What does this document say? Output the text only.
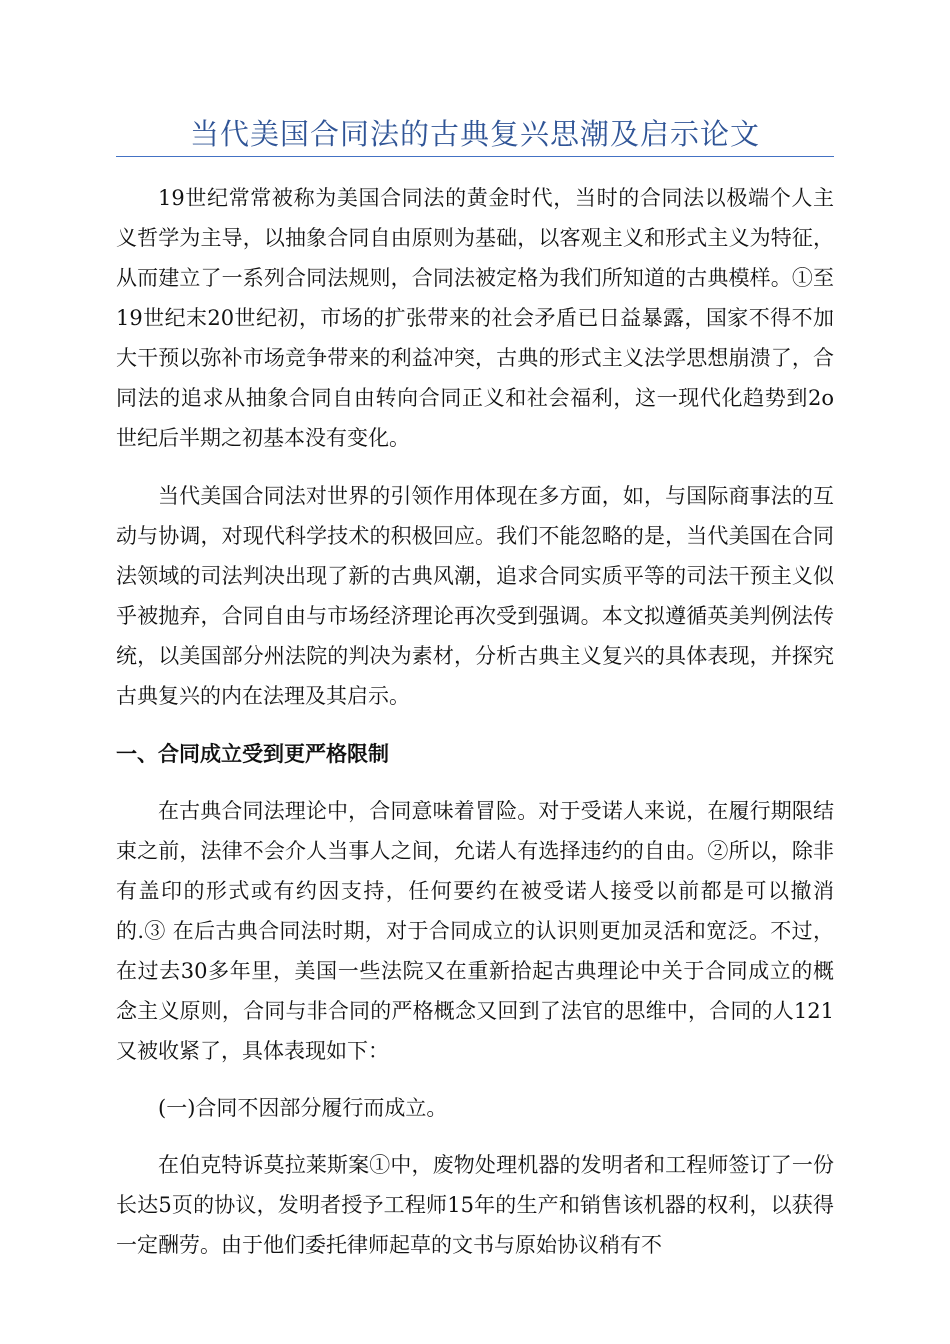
当代美国合同法的古典复兴思潮及启示论文

19世纪常常被称为美国合同法的黄金时代，当时的合同法以极端个人主义哲学为主导，以抽象合同自由原则为基础，以客观主义和形式主义为特征，从而建立了一系列合同法规则，合同法被定格为我们所知道的古典模样。①至19世纪末20世纪初，市场的扩张带来的社会矛盾已日益暴露，国家不得不加大干预以弥补市场竞争带来的利益冲突，古典的形式主义法学思想崩溃了，合同法的追求从抽象合同自由转向合同正义和社会福利，这一现代化趋势到2o世纪后半期之初基本没有变化。

当代美国合同法对世界的引领作用体现在多方面，如，与国际商事法的互动与协调，对现代科学技术的积极回应。我们不能忽略的是，当代美国在合同法领域的司法判决出现了新的古典风潮，追求合同实质平等的司法干预主义似乎被抛弃，合同自由与市场经济理论再次受到强调。本文拟遵循英美判例法传统，以美国部分州法院的判决为素材，分析古典主义复兴的具体表现，并探究古典复兴的内在法理及其启示。

一、合同成立受到更严格限制

在古典合同法理论中，合同意味着冒险。对于受诺人来说，在履行期限结束之前，法律不会介人当事人之间，允诺人有选择违约的自由。②所以，除非有盖印的形式或有约因支持，任何要约在被受诺人接受以前都是可以撤消的.③ 在后古典合同法时期，对于合同成立的认识则更加灵活和宽泛。不过，在过去30多年里，美国一些法院又在重新拾起古典理论中关于合同成立的概念主义原则，合同与非合同的严格概念又回到了法官的思维中，合同的人121又被收紧了，具体表现如下：

(一)合同不因部分履行而成立。

在伯克特诉莫拉莱斯案①中，废物处理机器的发明者和工程师签订了一份长达5页的协议，发明者授予工程师15年的生产和销售该机器的权利，以获得一定酬劳。由于他们委托律师起草的文书与原始协议稍有不
